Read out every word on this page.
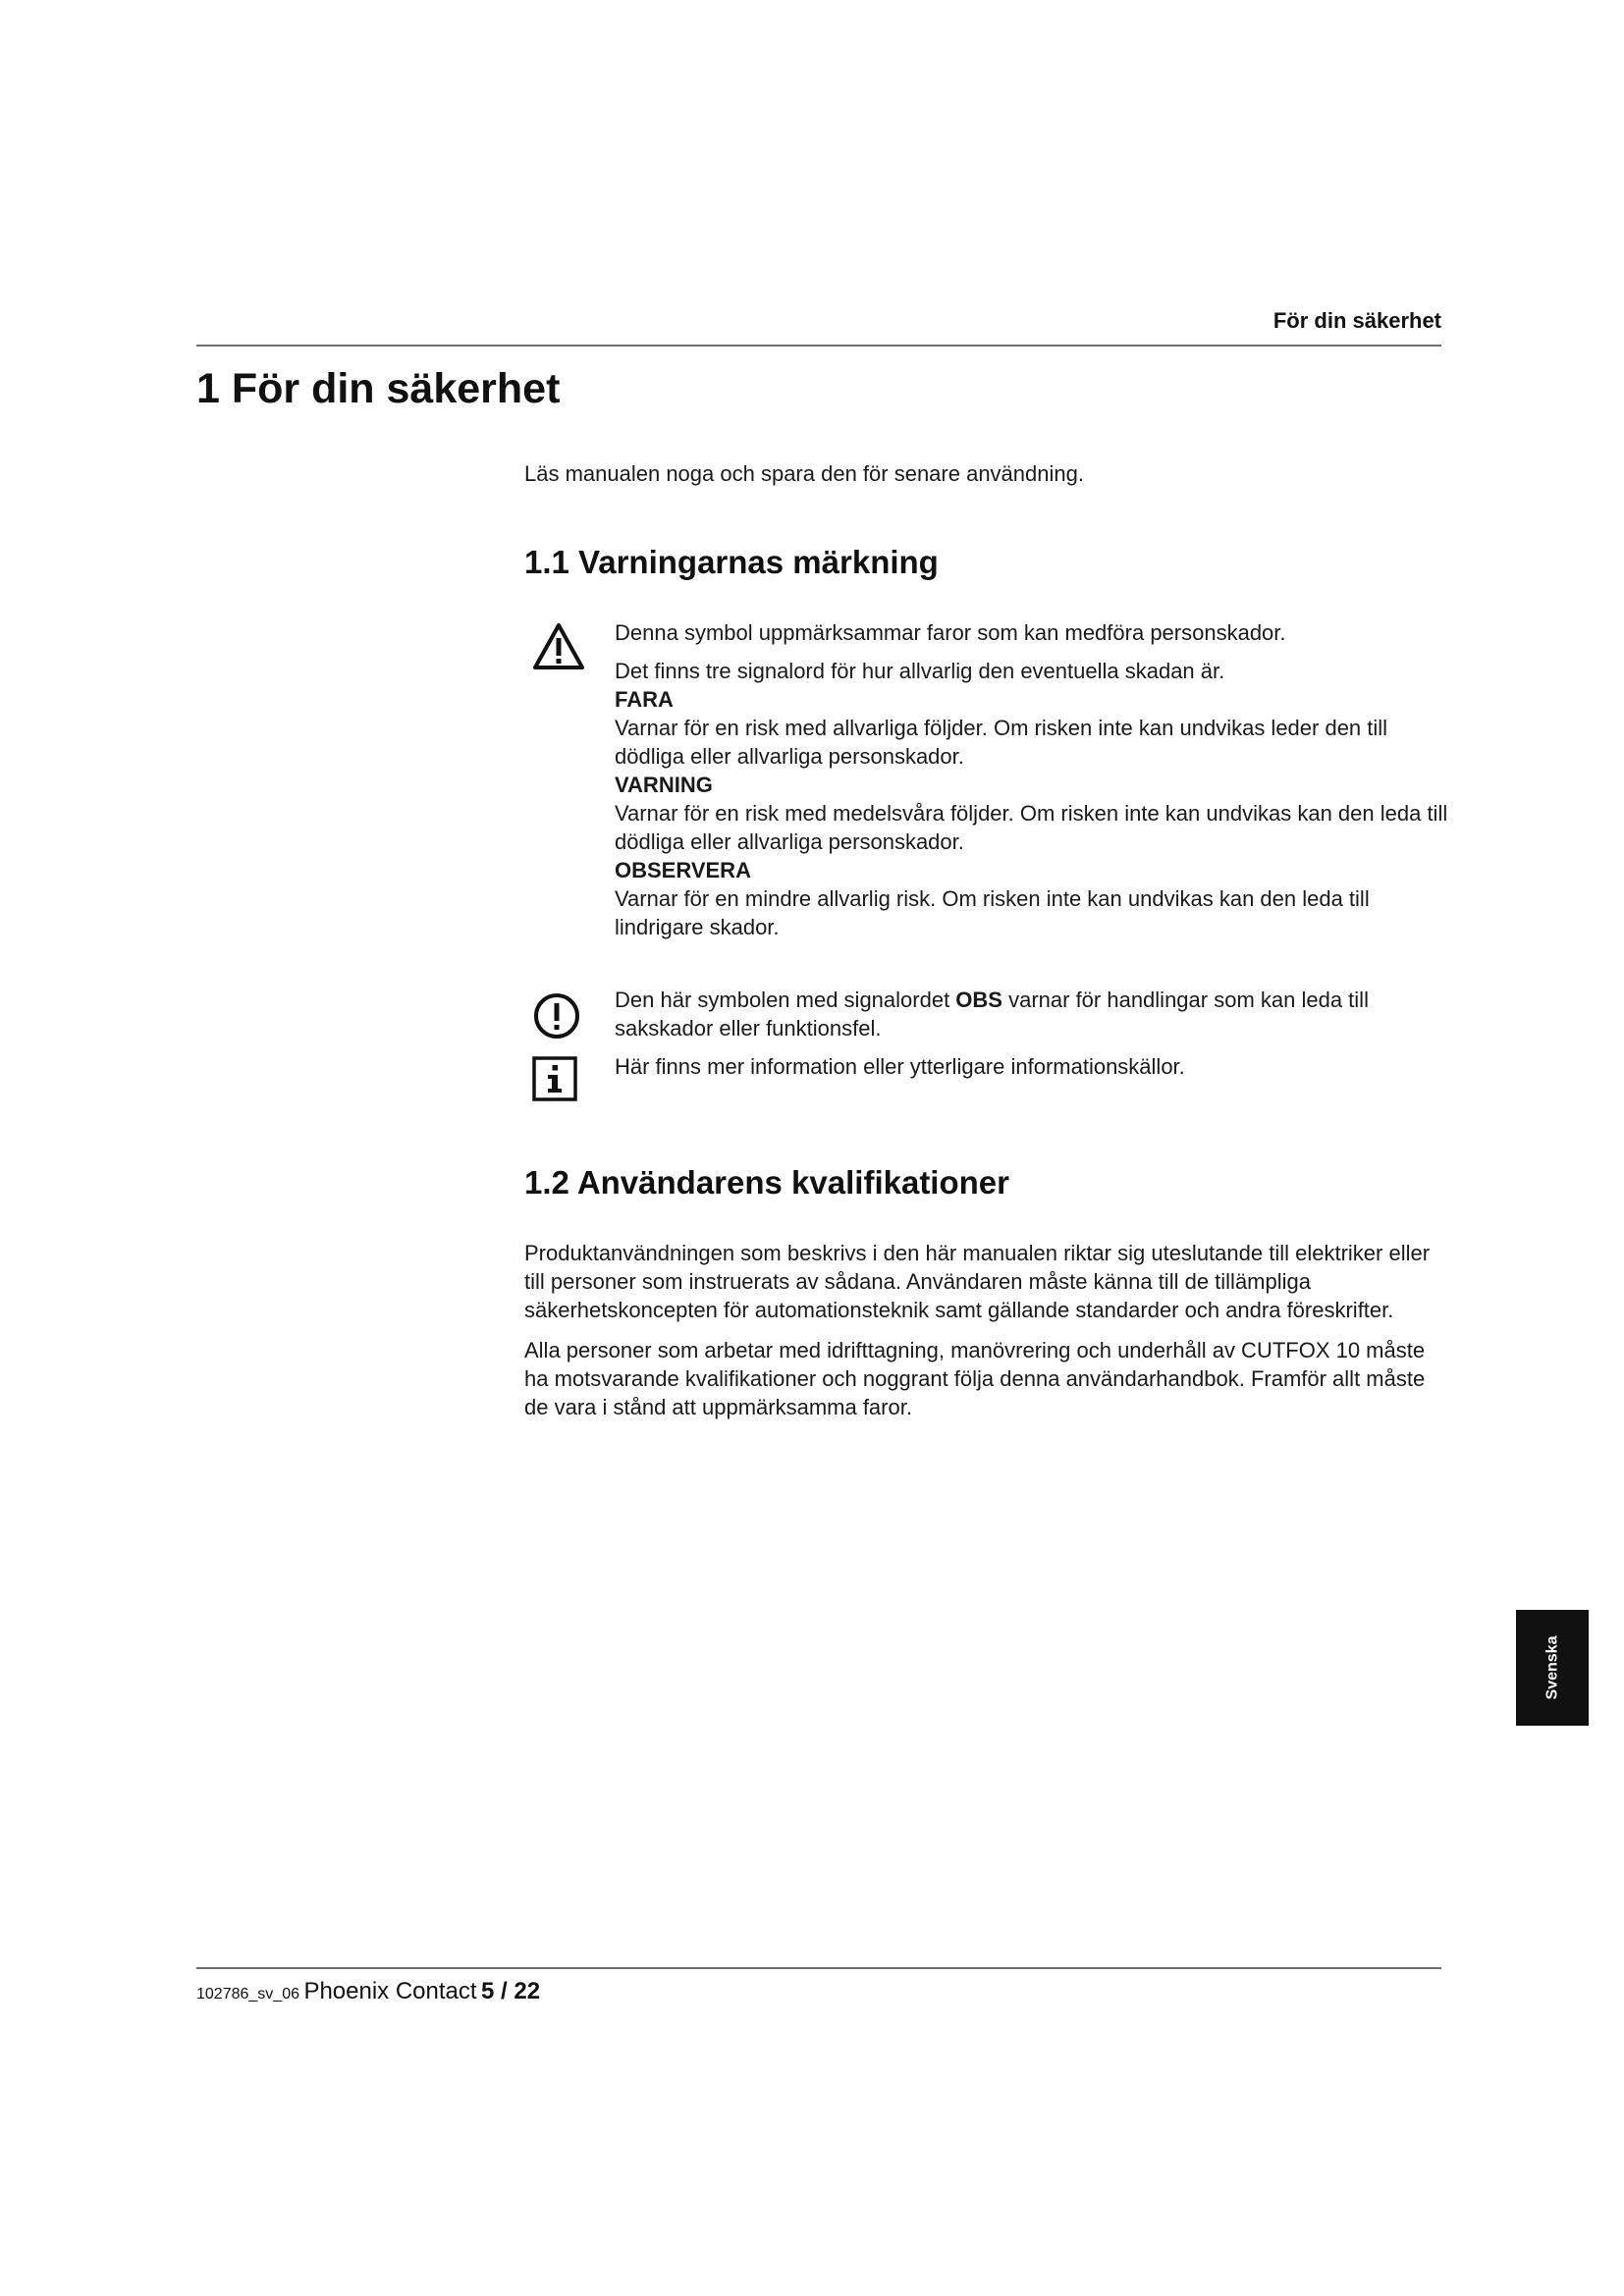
För din säkerhet
1 För din säkerhet
Läs manualen noga och spara den för senare användning.
1.1 Varningarnas märkning

Denna symbol uppmärksammar faror som kan medföra personskador.

Det finns tre signalord för hur allvarlig den eventuella skadan är.

FARA

Varnar för en risk med allvarliga följder. Om risken inte kan undvikas leder den till dödliga eller allvarliga personskador.

VARNING

Varnar för en risk med medelsvåra följder. Om risken inte kan undvikas kan den leda till dödliga eller allvarliga personskador.

OBSERVERA

Varnar för en mindre allvarlig risk. Om risken inte kan undvikas kan den leda till lindrigare skador.

Den här symbolen med signalordet OBS varnar för handlingar som kan leda till sakskador eller funktionsfel.
Här finns mer information eller ytterligare informationskällor.
1.2 Användarens kvalifikationer

Produktanvändningen som beskrivs i den här manualen riktar sig uteslutande till elektriker eller till personer som instruerats av sådana. Användaren måste känna till de tillämpliga säkerhetskoncepten för automationsteknik samt gällande standarder och andra föreskrifter.

Alla personer som arbetar med idrifttagning, manövrering och underhåll av CUTFOX 10 måste ha motsvarande kvalifikationer och noggrant följa denna användarhandbok. Framför allt måste de vara i stånd att uppmärksamma faror.

Svenska
102786_sv_06 Phoenix Contact 5 / 22
